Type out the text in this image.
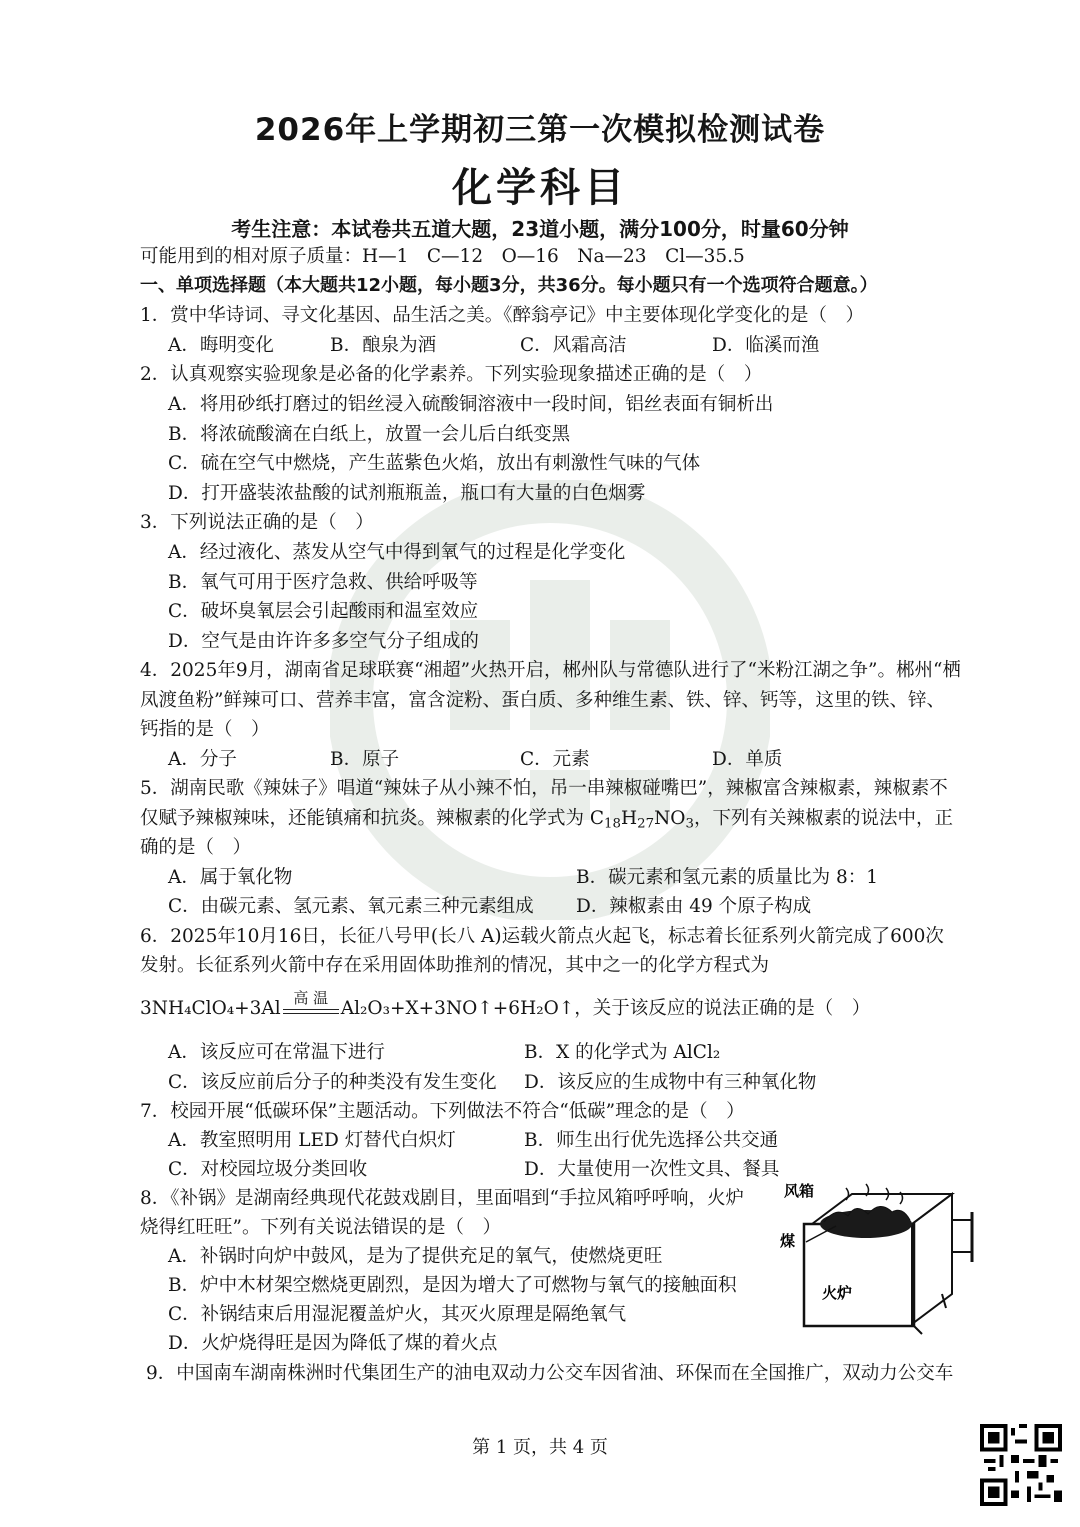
2026年上学期初三第一次模拟检测试卷
化学科目
考生注意：本试卷共五道大题，23道小题，满分100分，时量60分钟
可能用到的相对原子质量：H—1　C—12　O—16　Na—23　Cl—35.5
一、单项选择题（本大题共12小题，每小题3分，共36分。每小题只有一个选项符合题意。）
1．赏中华诗词、寻文化基因、品生活之美。《醉翁亭记》中主要体现化学变化的是（　）
A．晦明变化	B．酿泉为酒	C．风霜高洁	D．临溪而渔
2．认真观察实验现象是必备的化学素养。下列实验现象描述正确的是（　）
A．将用砂纸打磨过的铝丝浸入硫酸铜溶液中一段时间，铝丝表面有铜析出
B．将浓硫酸滴在白纸上，放置一会儿后白纸变黑
C．硫在空气中燃烧，产生蓝紫色火焰，放出有刺激性气味的气体
D．打开盛装浓盐酸的试剂瓶瓶盖，瓶口有大量的白色烟雾
3．下列说法正确的是（　）
A．经过液化、蒸发从空气中得到氧气的过程是化学变化
B．氧气可用于医疗急救、供给呼吸等
C．破坏臭氧层会引起酸雨和温室效应
D．空气是由许许多多空气分子组成的
4．2025年9月，湖南省足球联赛“湘超”火热开启，郴州队与常德队进行了“米粉江湖之争”。郴州“栖
凤渡鱼粉”鲜辣可口、营养丰富，富含淀粉、蛋白质、多种维生素、铁、锌、钙等，这里的铁、锌、
钙指的是（　）
A．分子	B．原子	C．元素	D．单质
5．湖南民歌《辣妹子》唱道“辣妹子从小辣不怕，吊一串辣椒碰嘴巴”，辣椒富含辣椒素，辣椒素不
仅赋予辣椒辣味，还能镇痛和抗炎。辣椒素的化学式为 $C_{18}H_{27}NO_3$，下列有关辣椒素的说法中，正
确的是（　）
A．属于氧化物	B．碳元素和氢元素的质量比为 8：1
C．由碳元素、氢元素、氧元素三种元素组成 D．辣椒素由 49 个原子构成
6．2025年10月16日，长征八号甲(长八 A)运载火箭点火起飞，标志着长征系列火箭完成了600次
发射。长征系列火箭中存在采用固体助推剂的情况，其中之一的化学方程式为
3NH₄ClO₄+3Al 高 温 Al₂O₃+X+3NO↑+6H₂O↑，关于该反应的说法正确的是（　）
A．该反应可在常温下进行	B．X 的化学式为 AlCl₂
C．该反应前后分子的种类没有发生变化 D．该反应的生成物中有三种氧化物
7．校园开展“低碳环保”主题活动。下列做法不符合“低碳”理念的是（　）
A．教室照明用 LED 灯替代白炽灯	B．师生出行优先选择公共交通
C．对校园垃圾分类回收	D．大量使用一次性文具、餐具
8．《补锅》是湖南经典现代花鼓戏剧目，里面唱到“手拉风箱呼呼响，火炉
烧得红旺旺”。下列有关说法错误的是（　）
A．补锅时向炉中鼓风，是为了提供充足的氧气，使燃烧更旺
B．炉中木材架空燃烧更剧烈，是因为增大了可燃物与氧气的接触面积
C．补锅结束后用湿泥覆盖炉火，其灭火原理是隔绝氧气
D．火炉烧得旺是因为降低了煤的着火点
风箱
煤
火炉
9．中国南车湖南株洲时代集团生产的油电双动力公交车因省油、环保而在全国推广，双动力公交车
第 1 页，共 4 页
